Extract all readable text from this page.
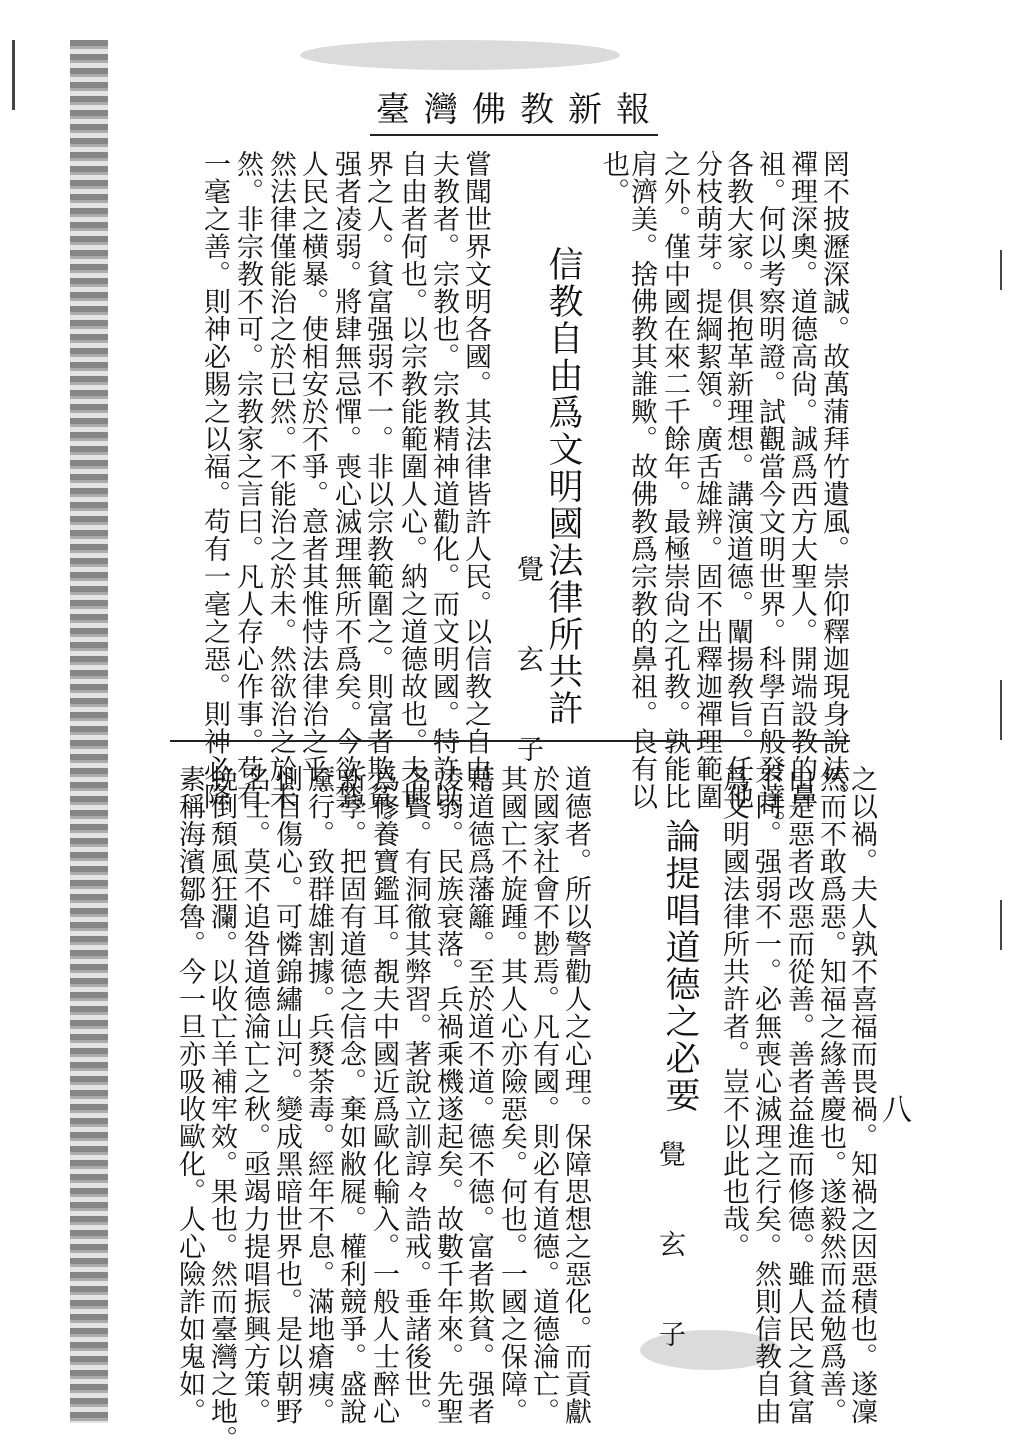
臺灣佛教新報
也。
肩濟美。捨佛教其誰歟。故佛教爲宗教的鼻祖。良有以 之外。僅中國在來二千餘年。最極崇尙之孔教。孰能比 分枝萌芽。提綱絜領。廣舌雄辨。固不出釋迦禪理範圍 各教大家。俱抱革新理想。講演道德。闡揚敎旨。任他 祖。何以考察明證。試觀當今文明世界。科學百般發達。 禪理深奧。道德高尙。誠爲西方大聖人。開端設教的鼻 罔不披瀝深誠。故萬蒲拜竹遺風。崇仰釋迦現身說法。
信教自由爲文明國法律所共許
覺　玄　子
嘗聞世界文明各國。其法律皆許人民。以信教之自由。
夫教者。宗教也。宗教精神道勸化。而文明國。特許以
自由者何也。以宗教能範圍人心。納之道德故也。夫世
界之人。貧富强弱不一。非以宗教範圍之。則富者欺貧。
强者凌弱。將肆無忌憚。喪心滅理無所不爲矣。今欲禁
人民之横暴。使相安於不爭。意者其惟恃法律治之乎。
然法律僅能治之於已然。不能治之於未。然欲治之於未
然。非宗教不可。宗教家之言曰。凡人存心作事。苟有
一毫之善。則神必賜之以福。苟有一毫之惡。則神必降
之以禍。夫人孰不喜福而畏禍。知禍之因惡積也。遂凜
然而不敢爲惡。知福之緣善慶也。遂毅然而益勉爲善。
由是惡者改惡而從善。善者益進而修德。雖人民之貧富
不同。强弱不一。必無喪心滅理之行矣。然則信教自由
爲文明國法律所共許者。豈不以此也哉。
論提唱道德之必要
覺　玄　子
道德者。所以警勸人之心理。保障思想之惡化。而貢獻
於國家社會不尠焉。凡有國。則必有道德。道德淪亡。
其國亡不旋踵。其人心亦險惡矣。何也。一國之保障。
藉道德爲藩籬。至於道不道。德不德。富者欺貧。强者
凌弱。民族衰落。兵禍乘機遂起矣。故數千年來。先聖
名賢。有洞徹其弊習。著說立訓諄々誥戒。垂諸後世。
爲修養寶鑑耳。覩夫中國近爲歐化輸入。一般人士醉心
新學。把固有道德之信念。棄如敝屣。權利競爭。盛說
黡行。致群雄割據。兵燹荼毒。經年不息。滿地瘡痍。
惻目傷心。可憐錦繡山河。變成黑暗世界也。是以朝野
名士。莫不追咎道德淪亡之秋。亟竭力提唱振興方策。
挽倒頹風狂瀾。以收亡羊補牢效。果也。然而臺灣之地。
素稱海濱鄒魯。今一旦亦吸收歐化。人心險詐如鬼如。	八
